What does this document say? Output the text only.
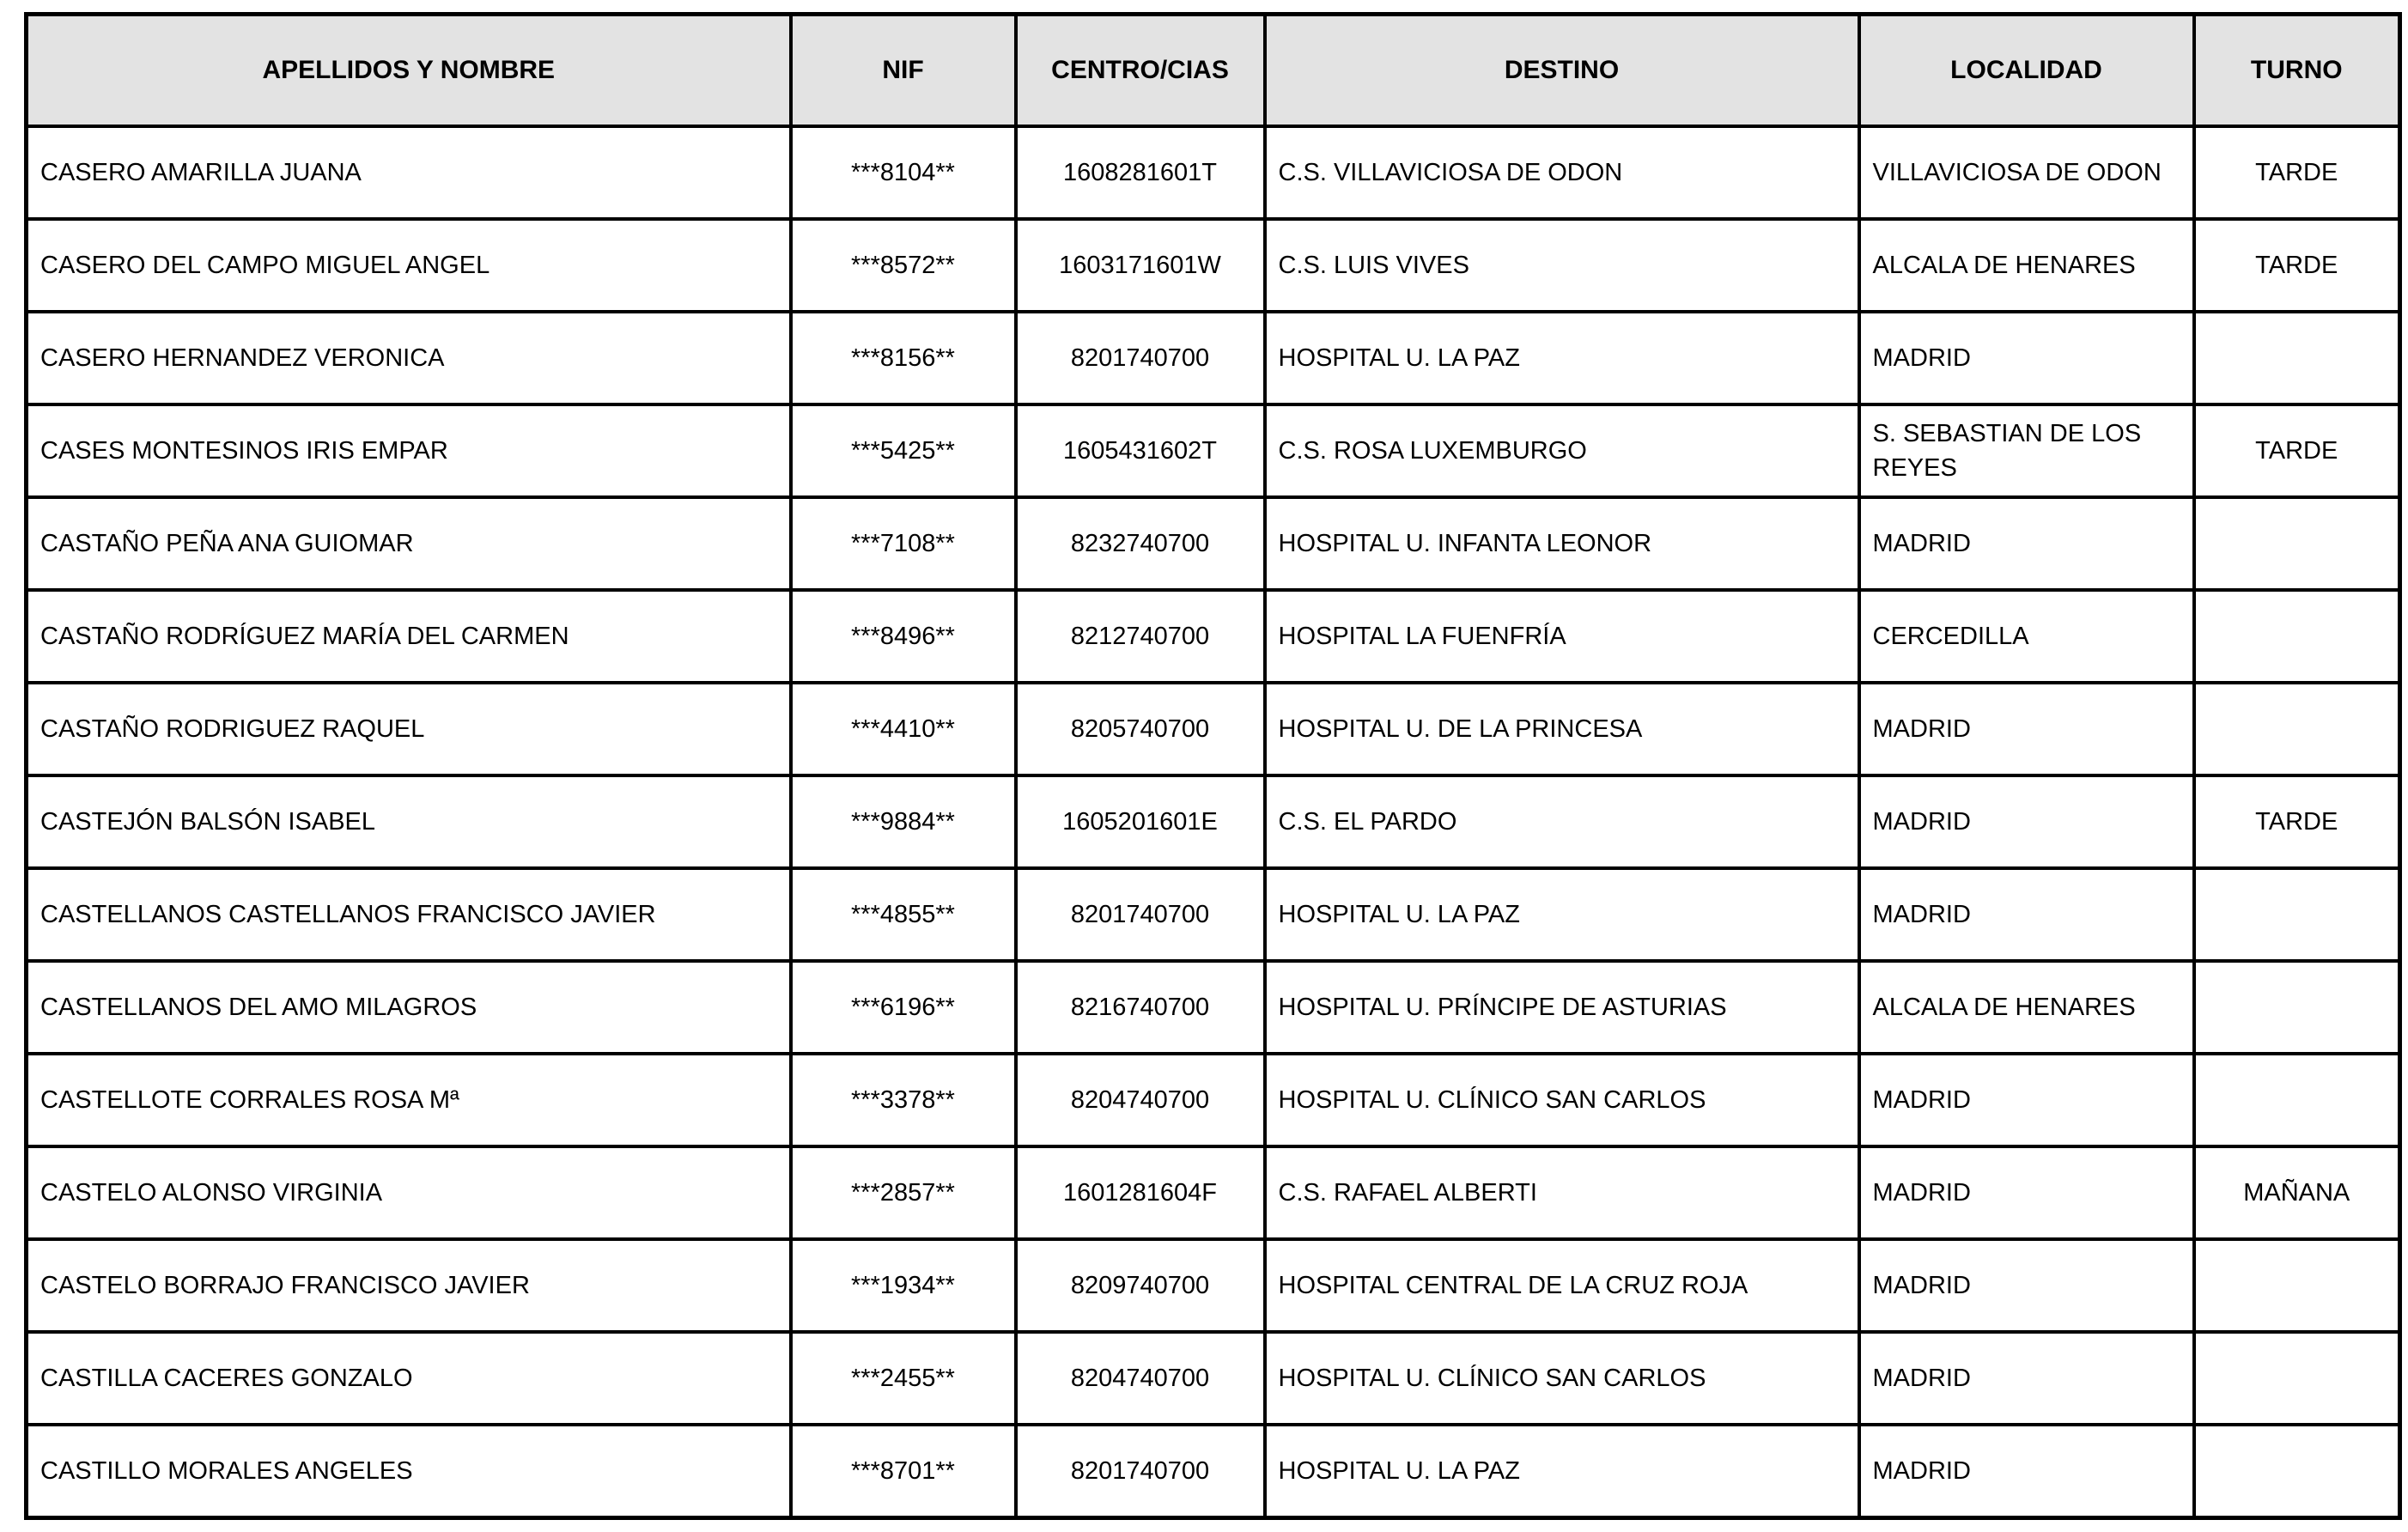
APELLIDOS Y NOMBRE	NIF	CENTRO/CIAS	DESTINO	LOCALIDAD	TURNO
CASERO AMARILLA JUANA	***8104**	1608281601T	C.S. VILLAVICIOSA DE ODON	VILLAVICIOSA DE ODON	TARDE
CASERO DEL CAMPO MIGUEL ANGEL	***8572**	1603171601W	C.S. LUIS VIVES	ALCALA DE HENARES	TARDE
CASERO HERNANDEZ VERONICA	***8156**	8201740700	HOSPITAL U. LA PAZ	MADRID	
CASES MONTESINOS IRIS EMPAR	***5425**	1605431602T	C.S. ROSA LUXEMBURGO	S. SEBASTIAN DE LOS REYES	TARDE
CASTAÑO PEÑA ANA GUIOMAR	***7108**	8232740700	HOSPITAL U. INFANTA LEONOR	MADRID	
CASTAÑO RODRÍGUEZ MARÍA DEL CARMEN	***8496**	8212740700	HOSPITAL LA FUENFRÍA	CERCEDILLA	
CASTAÑO RODRIGUEZ RAQUEL	***4410**	8205740700	HOSPITAL U. DE LA PRINCESA	MADRID	
CASTEJÓN BALSÓN ISABEL	***9884**	1605201601E	C.S. EL PARDO	MADRID	TARDE
CASTELLANOS CASTELLANOS FRANCISCO JAVIER	***4855**	8201740700	HOSPITAL U. LA PAZ	MADRID	
CASTELLANOS DEL AMO MILAGROS	***6196**	8216740700	HOSPITAL U. PRÍNCIPE DE ASTURIAS	ALCALA DE HENARES	
CASTELLOTE CORRALES ROSA Mª	***3378**	8204740700	HOSPITAL U. CLÍNICO SAN CARLOS	MADRID	
CASTELO ALONSO VIRGINIA	***2857**	1601281604F	C.S. RAFAEL ALBERTI	MADRID	MAÑANA
CASTELO BORRAJO FRANCISCO JAVIER	***1934**	8209740700	HOSPITAL CENTRAL DE LA CRUZ ROJA	MADRID	
CASTILLA CACERES GONZALO	***2455**	8204740700	HOSPITAL U. CLÍNICO SAN CARLOS	MADRID	
CASTILLO MORALES ANGELES	***8701**	8201740700	HOSPITAL U. LA PAZ	MADRID	
